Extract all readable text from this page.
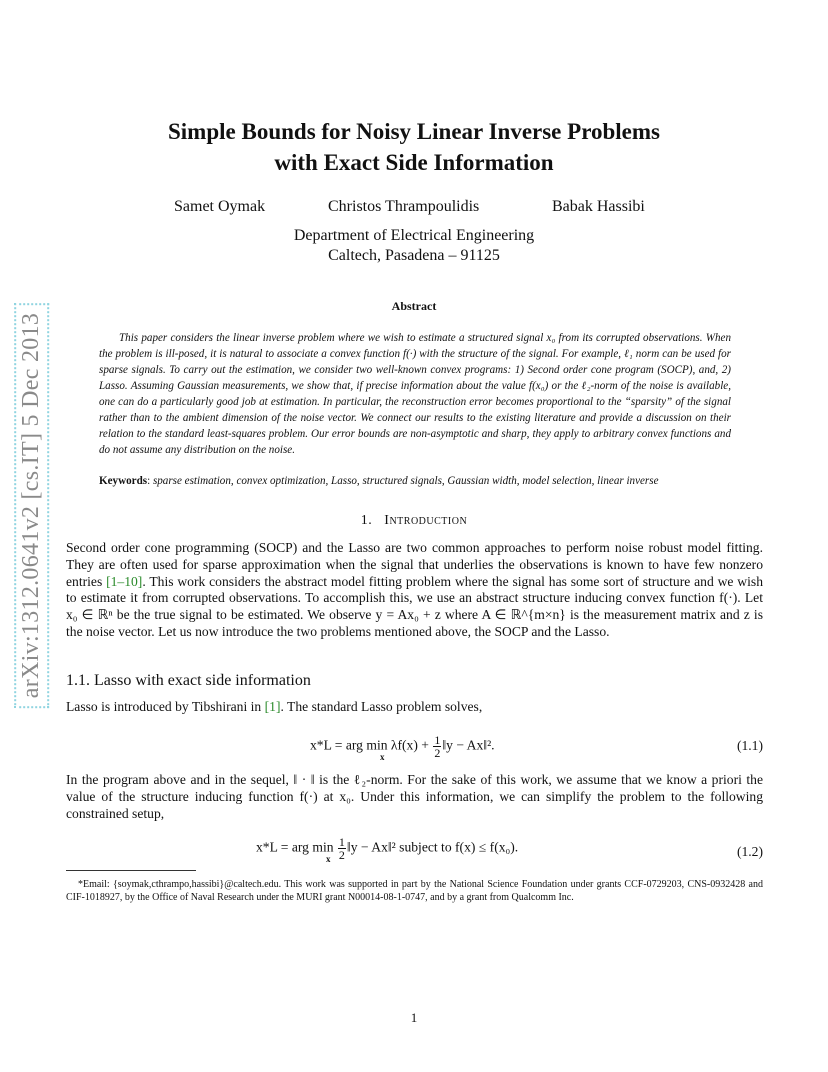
arXiv:1312.0641v2 [cs.IT] 5 Dec 2013
Simple Bounds for Noisy Linear Inverse Problems
with Exact Side Information
Samet Oymak	Christos Thrampoulidis	Babak Hassibi
Department of Electrical Engineering
Caltech, Pasadena – 91125
Abstract
This paper considers the linear inverse problem where we wish to estimate a structured signal x₀ from its corrupted observations. When the problem is ill-posed, it is natural to associate a convex function f(·) with the structure of the signal. For example, ℓ₁ norm can be used for sparse signals. To carry out the estimation, we consider two well-known convex programs: 1) Second order cone program (SOCP), and, 2) Lasso. Assuming Gaussian measurements, we show that, if precise information about the value f(x₀) or the ℓ₂-norm of the noise is available, one can do a particularly good job at estimation. In particular, the reconstruction error becomes proportional to the “sparsity” of the signal rather than to the ambient dimension of the noise vector. We connect our results to the existing literature and provide a discussion on their relation to the standard least-squares problem. Our error bounds are non-asymptotic and sharp, they apply to arbitrary convex functions and do not assume any distribution on the noise.
Keywords: sparse estimation, convex optimization, Lasso, structured signals, Gaussian width, model selection, linear inverse
1. Introduction
Second order cone programming (SOCP) and the Lasso are two common approaches to perform noise robust model fitting. They are often used for sparse approximation when the signal that underlies the observations is known to have few nonzero entries [1–10]. This work considers the abstract model fitting problem where the signal has some sort of structure and we wish to estimate it from corrupted observations. To accomplish this, we use an abstract structure inducing convex function f(·). Let x₀ ∈ ℝⁿ be the true signal to be estimated. We observe y = Ax₀ + z where A ∈ ℝ^{m×n} is the measurement matrix and z is the noise vector. Let us now introduce the two problems mentioned above, the SOCP and the Lasso.
1.1. Lasso with exact side information
Lasso is introduced by Tibshirani in [1]. The standard Lasso problem solves,
x*L = arg $\min \lambda f(x) + \frac{1}{2}$ ‖y − Ax‖².
x
(1.1)
In the program above and in the sequel, ‖ · ‖ is the ℓ₂-norm. For the sake of this work, we assume that we know a priori the value of the structure inducing function f(·) at x₀. Under this information, we can simplify the problem to the following constrained setup,
x*L = arg $\min \frac{1}{2}$ ‖y − Ax‖² subject to f(x) ≤ f(x₀).
x	(1.2)
*Email: {soymak,cthrampo,hassibi}@caltech.edu. This work was supported in part by the National Science Foundation under grants CCF-0729203, CNS-0932428 and CIF-1018927, by the Office of Naval Research under the MURI grant N00014-08-1-0747, and by a grant from Qualcomm Inc.
1
